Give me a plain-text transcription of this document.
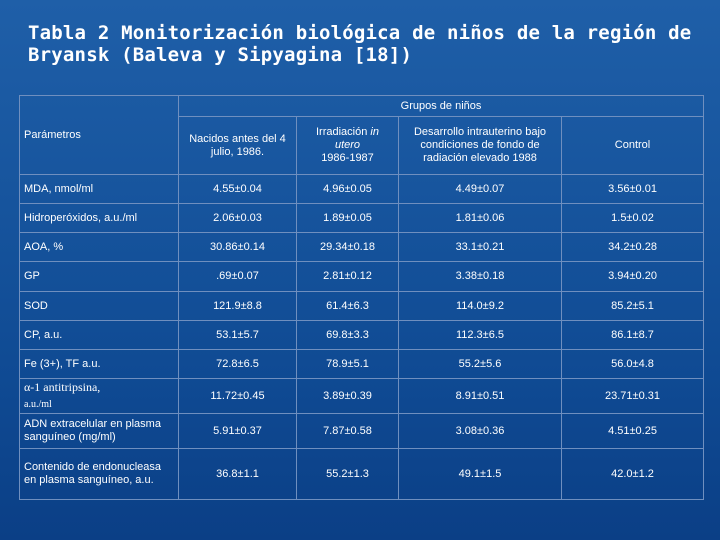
Tabla 2 Monitorización biológica de niños de la región de
Bryansk (Baleva y Sipyagina [18])
Parámetros	Grupos de niños			
	Nacidos antes del 4 julio, 1986.	Irradiación in
utero
1986-1987	Desarrollo intrauterino bajo condiciones de fondo de radiación elevado 1988	Control
MDA, nmol/ml	4.55±0.04	4.96±0.05	4.49±0.07	3.56±0.01
Hidroperóxidos, a.u./ml	2.06±0.03	1.89±0.05	1.81±0.06	1.5±0.02
AOA, %	30.86±0.14	29.34±0.18	33.1±0.21	34.2±0.28
GP	.69±0.07	2.81±0.12	3.38±0.18	3.94±0.20
SOD	121.9±8.8	61.4±6.3	114.0±9.2	85.2±5.1
CP, a.u.	53.1±5.7	69.8±3.3	112.3±6.5	86.1±8.7
Fe (3+), TF a.u.	72.8±6.5	78.9±5.1	55.2±5.6	56.0±4.8
α-1 antitripsina,
a.u./ml	11.72±0.45	3.89±0.39	8.91±0.51	23.71±0.31
ADN extracelular en plasma sanguíneo (mg/ml)	5.91±0.37	7.87±0.58	3.08±0.36	4.51±0.25
Contenido de endonucleasa en plasma sanguíneo, a.u.	36.8±1.1	55.2±1.3	49.1±1.5	42.0±1.2
